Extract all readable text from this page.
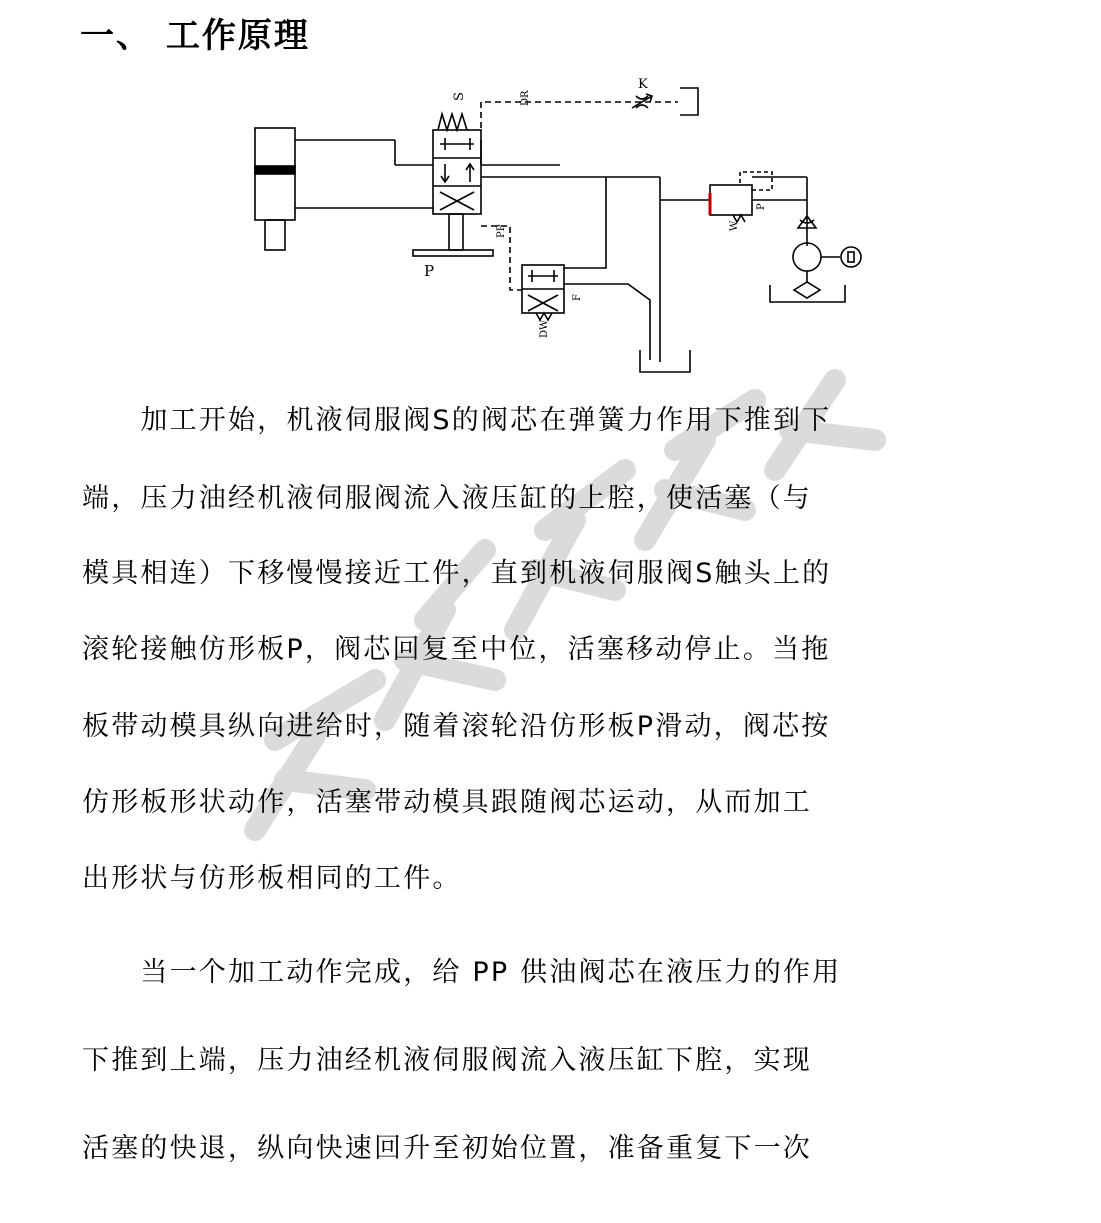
一、 工作原理
S	DR
K
PP
P
F
DW
W
P
　　加工开始，机液伺服阀S的阀芯在弹簧力作用下推到下
端，压力油经机液伺服阀流入液压缸的上腔，使活塞（与
模具相连）下移慢慢接近工件，直到机液伺服阀S触头上的
滚轮接触仿形板P，阀芯回复至中位，活塞移动停止。当拖
板带动模具纵向进给时，随着滚轮沿仿形板P滑动，阀芯按
仿形板形状动作，活塞带动模具跟随阀芯运动，从而加工
出形状与仿形板相同的工件。
　　当一个加工动作完成，给 PP 供油阀芯在液压力的作用
下推到上端，压力油经机液伺服阀流入液压缸下腔，实现
活塞的快退，纵向快速回升至初始位置，准备重复下一次
